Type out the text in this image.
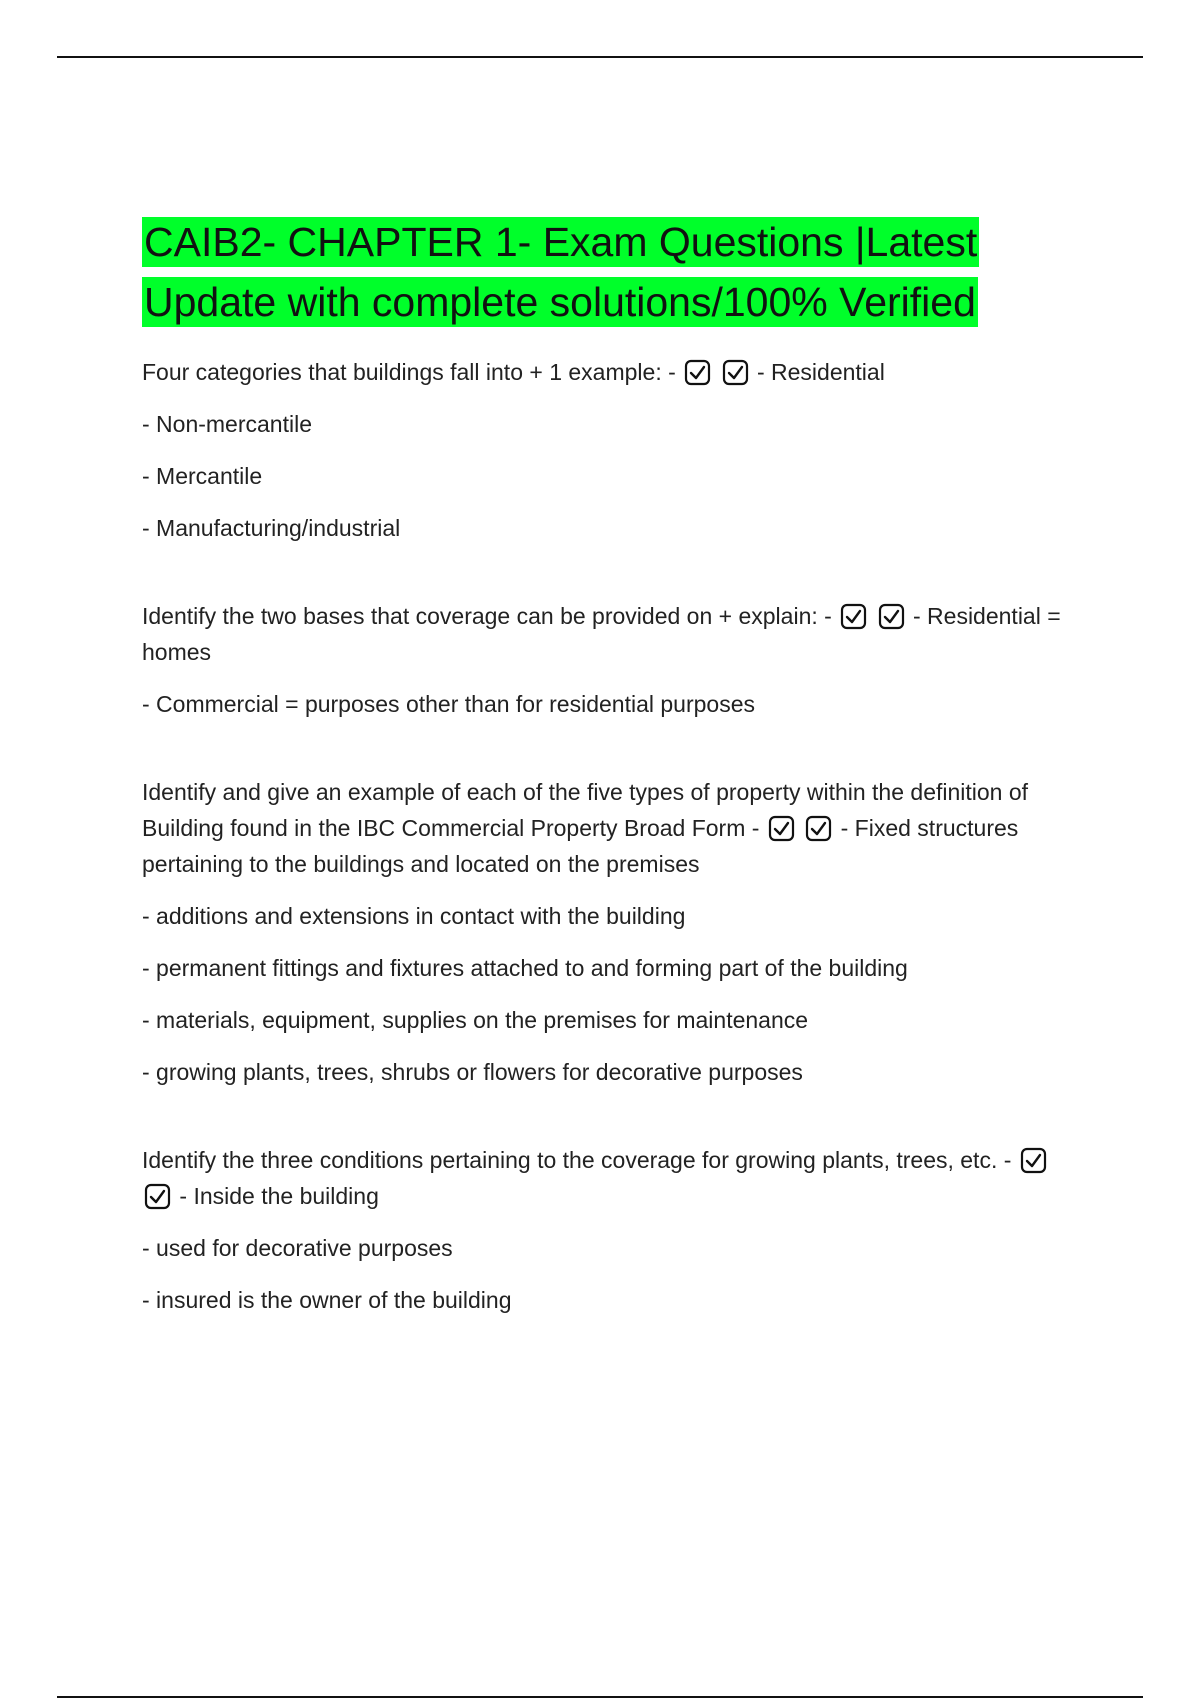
CAIB2- CHAPTER 1- Exam Questions |Latest Update with complete solutions/100% Verified

Four categories that buildings fall into + 1 example: -
	- Residential

- Non-mercantile

- Mercantile

- Manufacturing/industrial

Identify the two bases that coverage can be provided on + explain: -
	- Residential = homes

- Commercial = purposes other than for residential purposes

Identify and give an example of each of the five types of property within the definition of Building found in the IBC Commercial Property Broad Form -
	- Fixed structures pertaining to the buildings and located on the premises

- additions and extensions in contact with the building

- permanent fittings and fixtures attached to and forming part of the building

- materials, equipment, supplies on the premises for maintenance

- growing plants, trees, shrubs or flowers for decorative purposes

Identify the three conditions pertaining to the coverage for growing plants, trees, etc. -

- Inside the building

- used for decorative purposes

- insured is the owner of the building
